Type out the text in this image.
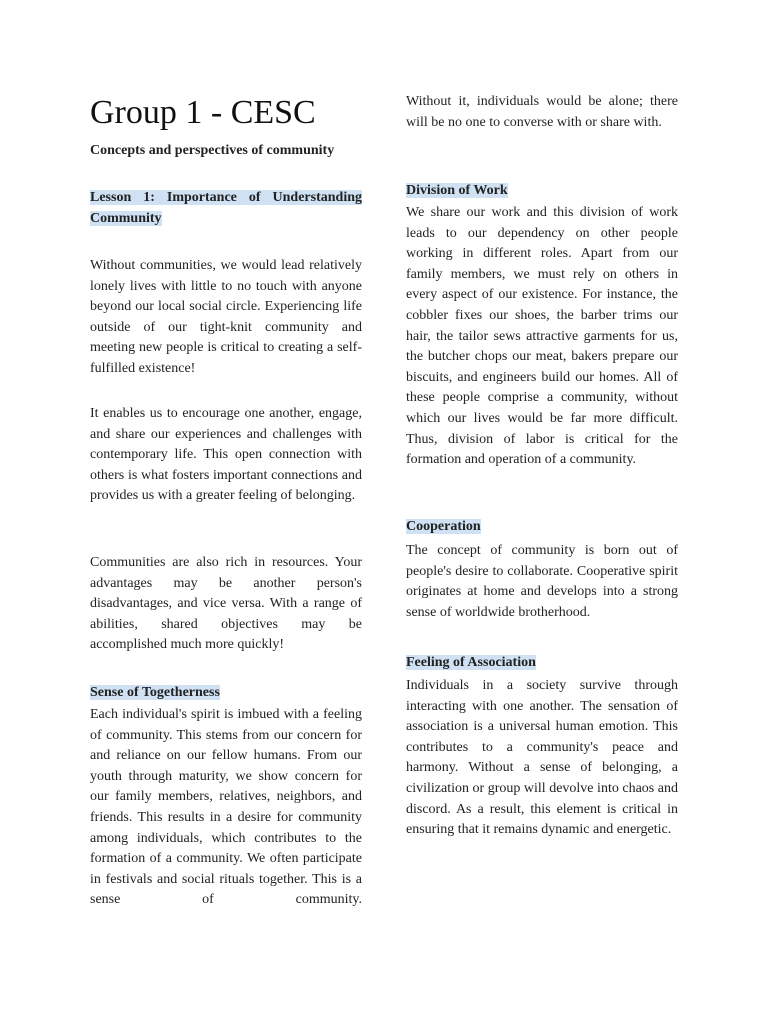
Group 1 - CESC

Concepts and perspectives of community

Lesson 1: Importance of Understanding Community

Without communities, we would lead relatively lonely lives with little to no touch with anyone beyond our local social circle. Experiencing life outside of our tight-knit community and meeting new people is critical to creating a self-fulfilled existence!

It enables us to encourage one another, engage, and share our experiences and challenges with contemporary life. This open connection with others is what fosters important connections and provides us with a greater feeling of belonging.

Communities are also rich in resources. Your advantages may be another person's disadvantages, and vice versa. With a range of abilities, shared objectives may be accomplished much more quickly!

Sense of Togetherness

Each individual's spirit is imbued with a feeling of community. This stems from our concern for and reliance on our fellow humans. From our youth through maturity, we show concern for our family members, relatives, neighbors, and friends. This results in a desire for community among individuals, which contributes to the formation of a community. We often participate in festivals and social rituals together. This is a sense of community.

Without it, individuals would be alone; there will be no one to converse with or share with.

Division of Work

We share our work and this division of work leads to our dependency on other people working in different roles. Apart from our family members, we must rely on others in every aspect of our existence. For instance, the cobbler fixes our shoes, the barber trims our hair, the tailor sews attractive garments for us, the butcher chops our meat, bakers prepare our biscuits, and engineers build our homes. All of these people comprise a community, without which our lives would be far more difficult. Thus, division of labor is critical for the formation and operation of a community.

Cooperation

The concept of community is born out of people's desire to collaborate. Cooperative spirit originates at home and develops into a strong sense of worldwide brotherhood.

Feeling of Association

Individuals in a society survive through interacting with one another. The sensation of association is a universal human emotion. This contributes to a community's peace and harmony. Without a sense of belonging, a civilization or group will devolve into chaos and discord. As a result, this element is critical in ensuring that it remains dynamic and energetic.
